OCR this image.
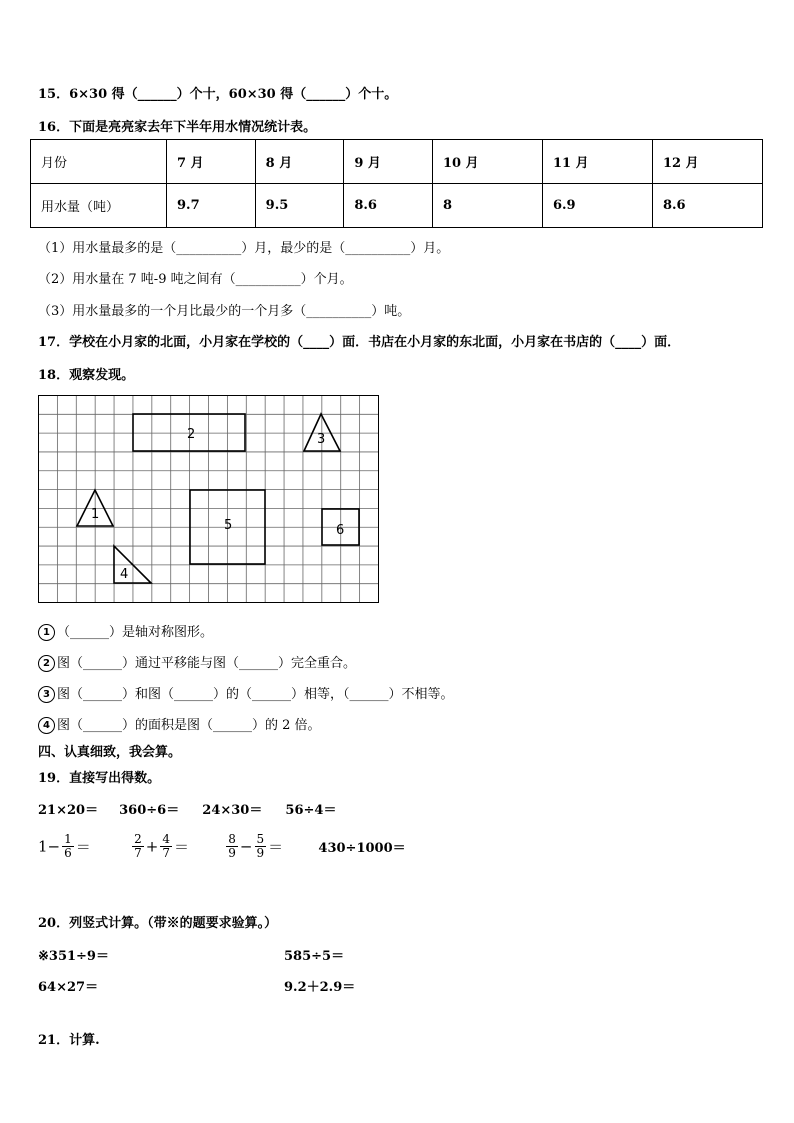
15．6×30 得（______）个十，60×30 得（______）个十。
16．下面是亮亮家去年下半年用水情况统计表。
月份	7 月	8 月	9 月	10 月	11 月	12 月
用水量（吨）	9.7	9.5	8.6	8	6.9	8.6
（1）用水量最多的是（__________）月，最少的是（__________）月。
（2）用水量在 7 吨-9 吨之间有（__________）个月。
（3）用水量最多的一个月比最少的一个月多（__________）吨。
17．学校在小月家的北面，小月家在学校的（____）面．书店在小月家的东北面，小月家在书店的（____）面．
18．观察发现。
2	3
1
4
5	6
1 （______）是轴对称图形。
2 图（______）通过平移能与图（______）完全重合。
3 图（______）和图（______）的（______）相等，（______）不相等。
4 图（______）的面积是图（______）的 2 倍。
四、认真细致，我会算。
19．直接写出得数。
21×20＝ 360÷6＝ 24×30＝ 56÷4＝
$1- \frac{1}{6}$ ＝	$\frac{2}{7} + \frac{4}{7}$ ＝	$\frac{8}{9} - \frac{5}{9}$ ＝	430÷1000＝
20．列竖式计算。（带※的题要求验算。）
※351÷9＝	585÷5＝
64×27＝	9.2＋2.9＝
21．计算.
